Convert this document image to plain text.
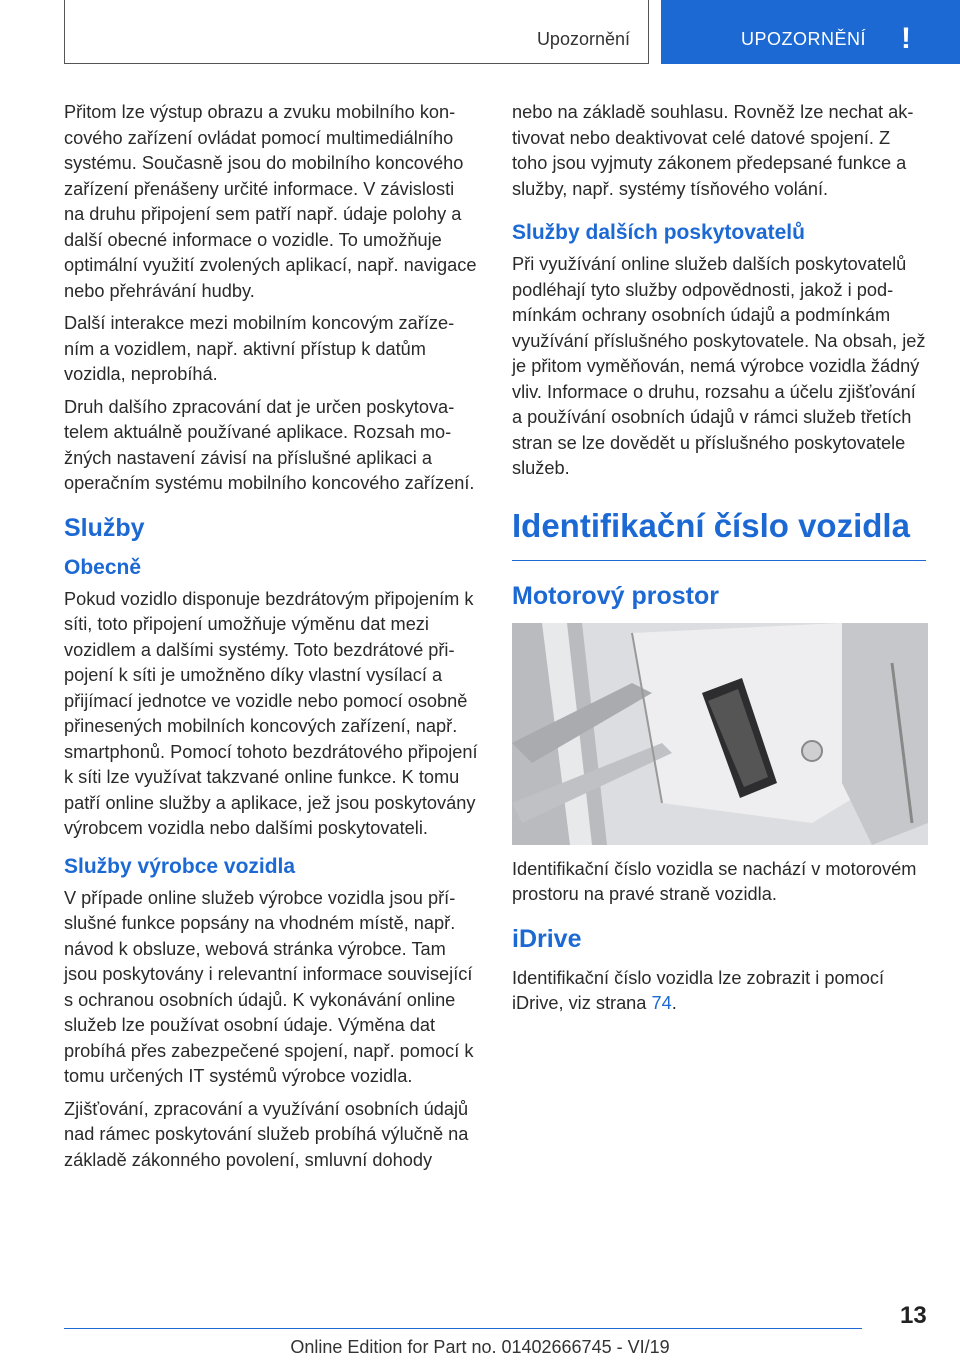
Upozornění	UPOZORNĚNÍ !

Přitom lze výstup obrazu a zvuku mobilního koncového zařízení ovládat pomocí multimediálního systému. Současně jsou do mobilního koncového zařízení přenášeny určité informace. V závislosti na druhu připojení sem patří např. údaje polohy a další obecné informace o vozidle. To umožňuje optimální využití zvolených aplikací, např. navigace nebo přehrávání hudby.

Další interakce mezi mobilním koncovým zařízením a vozidlem, např. aktivní přístup k datům vozidla, neprobíhá.

Druh dalšího zpracování dat je určen poskytovatelem aktuálně používané aplikace. Rozsah možných nastavení závisí na příslušné aplikaci a operačním systému mobilního koncového zařízení.

Služby
Obecně

Pokud vozidlo disponuje bezdrátovým připojením k síti, toto připojení umožňuje výměnu dat mezi vozidlem a dalšími systémy. Toto bezdrátové připojení k síti je umožněno díky vlastní vysílací a přijímací jednotce ve vozidle nebo pomocí osobně přinesených mobilních koncových zařízení, např. smartphonů. Pomocí tohoto bezdrátového připojení k síti lze využívat takzvané online funkce. K tomu patří online služby a aplikace, jež jsou poskytovány výrobcem vozidla nebo dalšími poskytovateli.

Služby výrobce vozidla

V případe online služeb výrobce vozidla jsou příslušné funkce popsány na vhodném místě, např. návod k obsluze, webová stránka výrobce. Tam jsou poskytovány i relevantní informace související s ochranou osobních údajů. K vykonávání online služeb lze používat osobní údaje. Výměna dat probíhá přes zabezpečené spojení, např. pomocí k tomu určených IT systémů výrobce vozidla.

Zjišťování, zpracování a využívání osobních údajů nad rámec poskytování služeb probíhá výlučně na základě zákonného povolení, smluvní dohody

nebo na základě souhlasu. Rovněž lze nechat aktivovat nebo deaktivovat celé datové spojení. Z toho jsou vyjmuty zákonem předepsané funkce a služby, např. systémy tísňového volání.

Služby dalších poskytovatelů

Při využívání online služeb dalších poskytovatelů podléhají tyto služby odpovědnosti, jakož i podmínkám ochrany osobních údajů a podmínkám využívání příslušného poskytovatele. Na obsah, jež je přitom vyměňován, nemá výrobce vozidla žádný vliv. Informace o druhu, rozsahu a účelu zjišťování a používání osobních údajů v rámci služeb třetích stran se lze dovědět u příslušného poskytovatele služeb.

Identifikační číslo vozidla
Motorový prostor

Identifikační číslo vozidla se nachází v motorovém prostoru na pravé straně vozidla.

iDrive

Identifikační číslo vozidla lze zobrazit i pomocí iDrive, viz strana 74.

13
Online Edition for Part no. 01402666745 - VI/19
